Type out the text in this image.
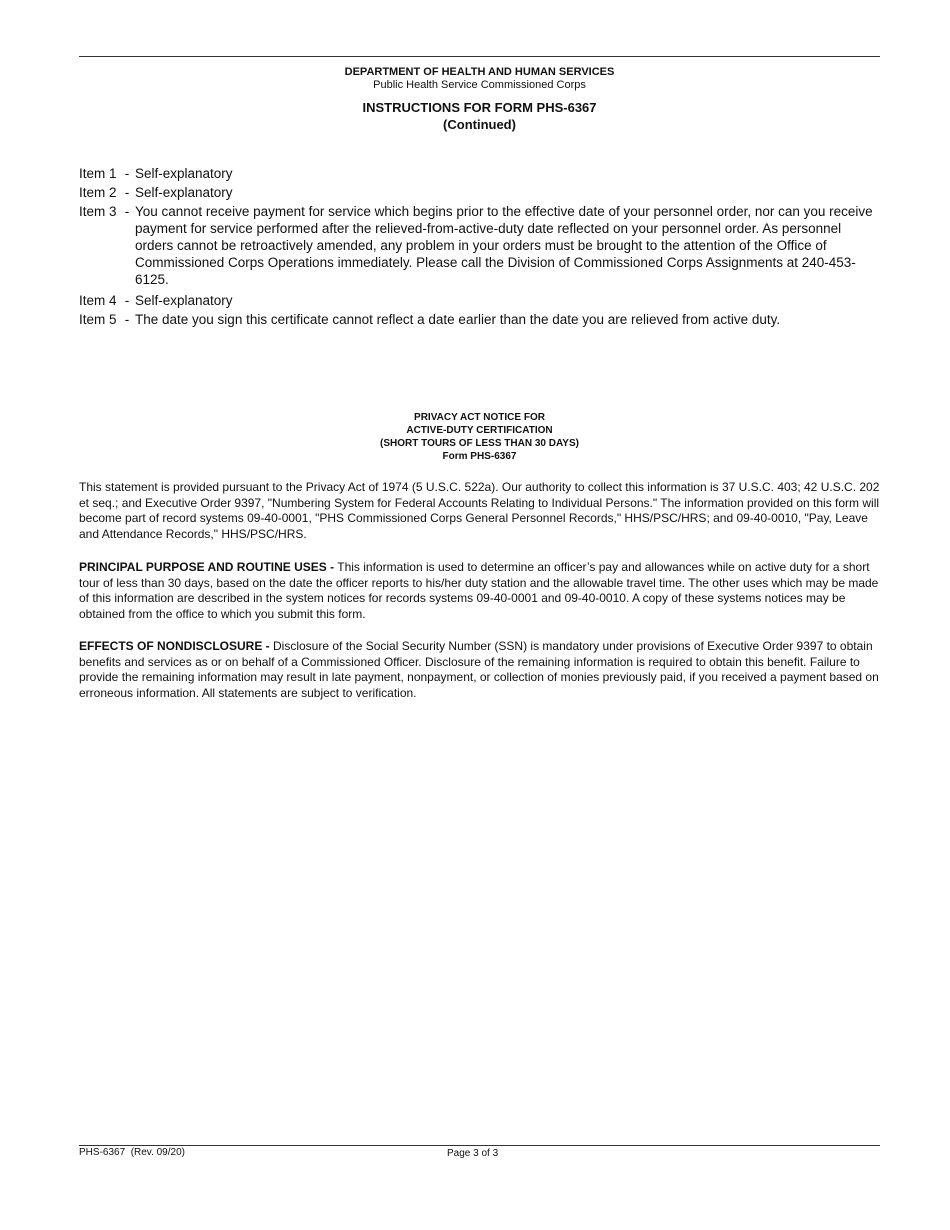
DEPARTMENT OF HEALTH AND HUMAN SERVICES
Public Health Service Commissioned Corps
INSTRUCTIONS FOR FORM PHS-6367
(Continued)
Item 1 - Self-explanatory
Item 2 - Self-explanatory
Item 3 - You cannot receive payment for service which begins prior to the effective date of your personnel order, nor can you receive payment for service performed after the relieved-from-active-duty date reflected on your personnel order. As personnel orders cannot be retroactively amended, any problem in your orders must be brought to the attention of the Office of Commissioned Corps Operations immediately. Please call the Division of Commissioned Corps Assignments at 240-453-6125.
Item 4 - Self-explanatory
Item 5 - The date you sign this certificate cannot reflect a date earlier than the date you are relieved from active duty.
PRIVACY ACT NOTICE FOR
ACTIVE-DUTY CERTIFICATION
(SHORT TOURS OF LESS THAN 30 DAYS)
Form PHS-6367
This statement is provided pursuant to the Privacy Act of 1974 (5 U.S.C. 522a). Our authority to collect this information is 37 U.S.C. 403; 42 U.S.C. 202 et seq.; and Executive Order 9397, "Numbering System for Federal Accounts Relating to Individual Persons." The information provided on this form will become part of record systems 09-40-0001, "PHS Commissioned Corps General Personnel Records," HHS/PSC/HRS; and 09-40-0010, "Pay, Leave and Attendance Records," HHS/PSC/HRS.
PRINCIPAL PURPOSE AND ROUTINE USES - This information is used to determine an officer’s pay and allowances while on active duty for a short tour of less than 30 days, based on the date the officer reports to his/her duty station and the allowable travel time. The other uses which may be made of this information are described in the system notices for records systems 09-40-0001 and 09-40-0010. A copy of these systems notices may be obtained from the office to which you submit this form.
EFFECTS OF NONDISCLOSURE - Disclosure of the Social Security Number (SSN) is mandatory under provisions of Executive Order 9397 to obtain benefits and services as or on behalf of a Commissioned Officer. Disclosure of the remaining information is required to obtain this benefit. Failure to provide the remaining information may result in late payment, nonpayment, or collection of monies previously paid, if you received a payment based on erroneous information. All statements are subject to verification.
PHS-6367  (Rev. 09/20)	Page 3 of 3
